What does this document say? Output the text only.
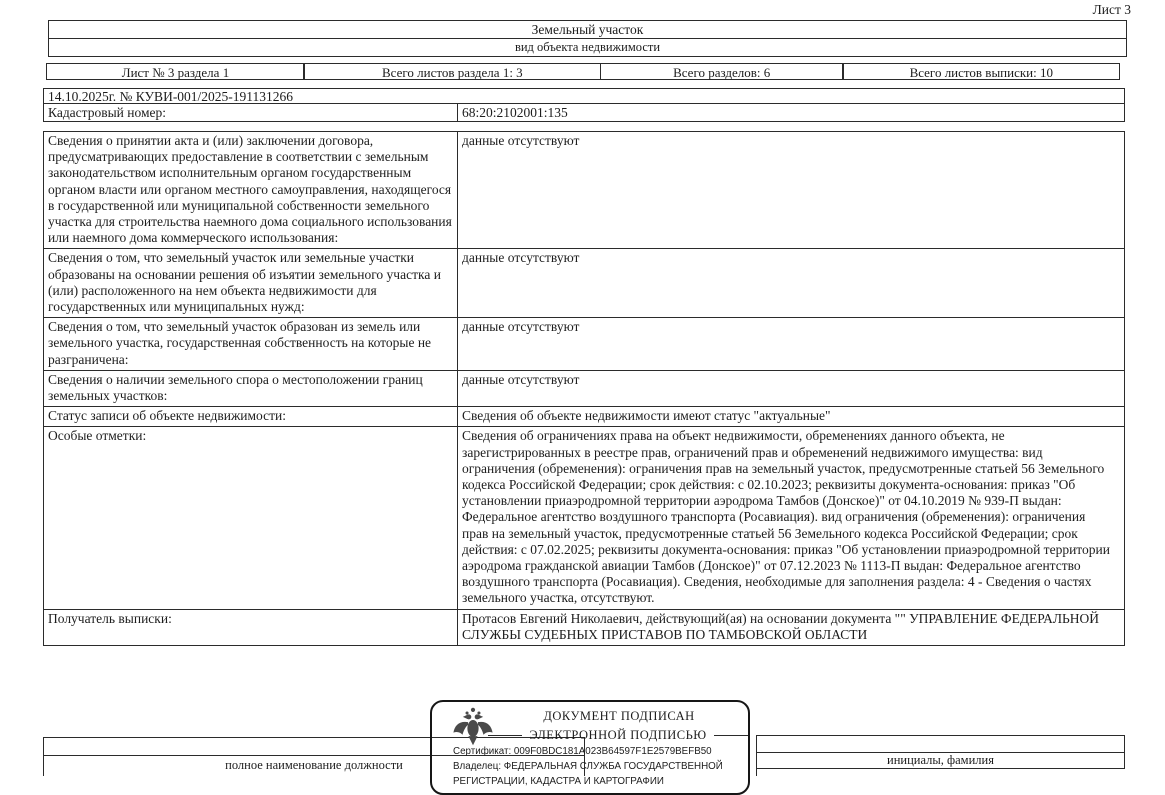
Лист 3
Земельный участок
вид объекта недвижимости
Лист № 3 раздела 1	Всего листов раздела 1: 3	Всего разделов: 6	Всего листов выписки: 10
14.10.2025г. № КУВИ-001/2025-191131266
Кадастровый номер:	68:20:2102001:135
Сведения о принятии акта и (или) заключении договора, предусматривающих предоставление в соответствии с земельным законодательством исполнительным органом государственным органом власти или органом местного самоуправления, находящегося в государственной или муниципальной собственности земельного участка для строительства наемного дома социального использования или наемного дома коммерческого использования:
данные отсутствуют
Сведения о том, что земельный участок или земельные участки образованы на основании решения об изъятии земельного участка и (или) расположенного на нем объекта недвижимости для государственных или муниципальных нужд:
данные отсутствуют
Сведения о том, что земельный участок образован из земель или земельного участка, государственная собственность на которые не разграничена:
данные отсутствуют
Сведения о наличии земельного спора о местоположении границ земельных участков:
данные отсутствуют
Статус записи об объекте недвижимости:	Сведения об объекте недвижимости имеют статус "актуальные"
Особые отметки:	Сведения об ограничениях права на объект недвижимости, обременениях данного объекта, не зарегистрированных в реестре прав, ограничений прав и обременений недвижимого имущества: вид ограничения (обременения): ограничения прав на земельный участок, предусмотренные статьей 56 Земельного кодекса Российской Федерации; срок действия: с 02.10.2023; реквизиты документа-основания: приказ "Об установлении приаэродромной территории аэродрома Тамбов (Донское)" от 04.10.2019 № 939-П выдан: Федеральное агентство воздушного транспорта (Росавиация). вид ограничения (обременения): ограничения прав на земельный участок, предусмотренные статьей 56 Земельного кодекса Российской Федерации; срок действия: с 07.02.2025; реквизиты документа-основания: приказ "Об установлении приаэродромной территории аэродрома гражданской авиации Тамбов (Донское)" от 07.12.2023 № 1113-П выдан: Федеральное агентство воздушного транспорта (Росавиация). Сведения, необходимые для заполнения раздела: 4 - Сведения о частях земельного участка, отсутствуют.
Получатель выписки:	Протасов Евгений Николаевич, действующий(ая) на основании документа "" УПРАВЛЕНИЕ ФЕДЕРАЛЬНОЙ СЛУЖБЫ СУДЕБНЫХ ПРИСТАВОВ ПО ТАМБОВСКОЙ ОБЛАСТИ
полное наименование должности	инициалы, фамилия
ДОКУМЕНТ ПОДПИСАН
ЭЛЕКТРОННОЙ ПОДПИСЬЮ
Сертификат: 009F0BDC181A023B64597F1E2579BEFB50
Владелец: ФЕДЕРАЛЬНАЯ СЛУЖБА ГОСУДАРСТВЕННОЙ
РЕГИСТРАЦИИ, КАДАСТРА И КАРТОГРАФИИ
